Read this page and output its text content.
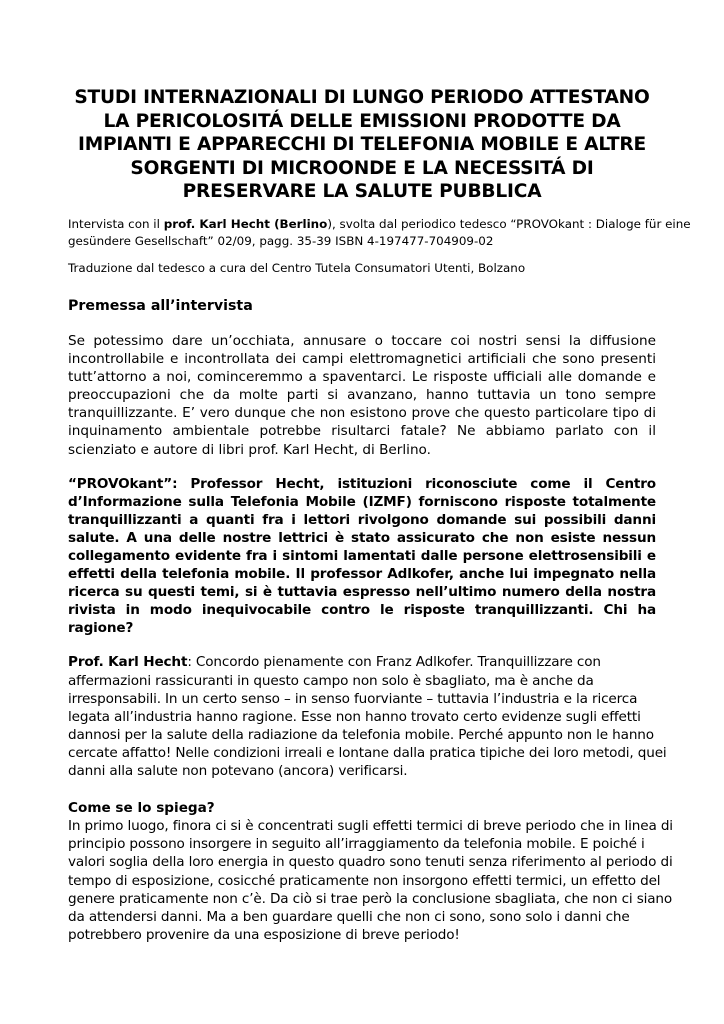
STUDI INTERNAZIONALI DI LUNGO PERIODO ATTESTANO
LA PERICOLOSITÁ DELLE EMISSIONI PRODOTTE DA
IMPIANTI E APPARECCHI DI TELEFONIA MOBILE E ALTRE
SORGENTI DI MICROONDE E LA NECESSITÁ DI
PRESERVARE LA SALUTE PUBBLICA

Intervista con il prof. Karl Hecht (Berlino), svolta dal periodico tedesco “PROVOkant : Dialoge für eine
gesündere Gesellschaft” 02/09, pagg. 35-39 ISBN 4-197477-704909-02

Traduzione dal tedesco a cura del Centro Tutela Consumatori Utenti, Bolzano

Premessa all’intervista

Se potessimo dare un’occhiata, annusare o toccare coi nostri sensi la diffusione
incontrollabile e incontrollata dei campi elettromagnetici artificiali che sono presenti
tutt’attorno a noi, cominceremmo a spaventarci. Le risposte ufficiali alle domande e
preoccupazioni che da molte parti si avanzano, hanno tuttavia un tono sempre
tranquillizzante. E’ vero dunque che non esistono prove che questo particolare tipo di
inquinamento ambientale potrebbe risultarci fatale? Ne abbiamo parlato con il
scienziato e autore di libri prof. Karl Hecht, di Berlino.

“PROVOkant”: Professor Hecht, istituzioni riconosciute come il Centro
d’Informazione sulla Telefonia Mobile (IZMF) forniscono risposte totalmente
tranquillizzanti a quanti fra i lettori rivolgono domande sui possibili danni
salute. A una delle nostre lettrici è stato assicurato che non esiste nessun
collegamento evidente fra i sintomi lamentati dalle persone elettrosensibili e
effetti della telefonia mobile. Il professor Adlkofer, anche lui impegnato nella
ricerca su questi temi, si è tuttavia espresso nell’ultimo numero della nostra
rivista in modo inequivocabile contro le risposte tranquillizzanti. Chi ha
ragione?

Prof. Karl Hecht: Concordo pienamente con Franz Adlkofer. Tranquillizzare con
affermazioni rassicuranti in questo campo non solo è sbagliato, ma è anche da
irresponsabili. In un certo senso – in senso fuorviante – tuttavia l’industria e la ricerca
legata all’industria hanno ragione. Esse non hanno trovato certo evidenze sugli effetti
dannosi per la salute della radiazione da telefonia mobile. Perché appunto non le hanno
cercate affatto! Nelle condizioni irreali e lontane dalla pratica tipiche dei loro metodi, quei
danni alla salute non potevano (ancora) verificarsi.

Come se lo spiega?

In primo luogo, finora ci si è concentrati sugli effetti termici di breve periodo che in linea di
principio possono insorgere in seguito all’irraggiamento da telefonia mobile. E poiché i
valori soglia della loro energia in questo quadro sono tenuti senza riferimento al periodo di
tempo di esposizione, cosicché praticamente non insorgono effetti termici, un effetto del
genere praticamente non c’è. Da ciò si trae però la conclusione sbagliata, che non ci siano
da attendersi danni. Ma a ben guardare quelli che non ci sono, sono solo i danni che
potrebbero provenire da una esposizione di breve periodo!
